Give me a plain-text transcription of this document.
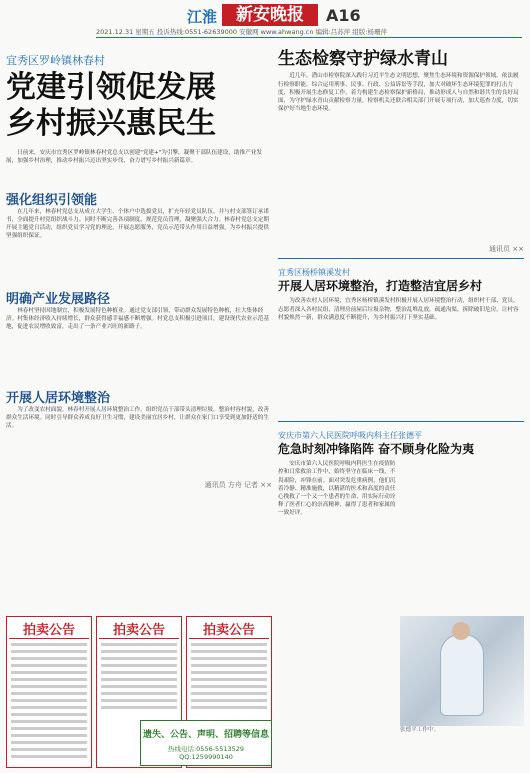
江淮	新安晚报	A16
2021.12.31 星期五 投诉热线:0551-62639000 安徽网 www.ahwang.cn 编辑:吕苏萍 组版:杨珊萍
宜秀区罗岭镇林春村
党建引领促发展
乡村振兴惠民生
日前来，安庆市宜秀区罗岭镇林春村党总支以创建"党建+"为引擎，凝聚干部队伍建设，助推产业发展，加强乡村治理，推动乡村振兴迈出坚实步伐，奋力谱写乡村振兴新篇章。
强化组织引领能
在几年来，林春村党总支从成立大学生、个体户中选拔党员，扩充年轻党员队伍，并与村支部签订承诺书，全面提升村党组织战斗力。同时不断完善各项制度，规范党员管理，凝聚强大合力。林春村党总支定期开展主题党日活动，组织党员学习党的理论，开展志愿服务，党员示范带头作用日益增强，为乡村振兴提供坚强组织保证。
明确产业发展路径
林春村坚持因地制宜，积极发展特色种植业。通过党支部引领，带动群众发展特色种植，壮大集体经济。村集体经济收入持续增长，群众获得感幸福感不断增强。村党总支积极引进项目，建设现代农业示范基地，促进农民增收致富，走出了一条产业兴旺的新路子。
开展人居环境整治
为了改变农村面貌，林春村开展人居环境整治工作，组织党员干部带头清理垃圾，整治村容村貌，改善群众生活环境。同时引导群众养成良好卫生习惯，建设美丽宜居乡村，让群众在家门口享受到更加舒适的生活。
通讯员 方舟 记者 ××
生态检察守护绿水青山
近几年，潜山市检察院深入践行习近平生态文明思想，聚焦生态环境和资源保护领域，依法履行检察职能，综合运用刑事、民事、行政、公益诉讼等手段，加大对破坏生态环境犯罪的打击力度，积极开展生态修复工作，着力构建生态检察保护新格局，推动形成人与自然和谐共生的良好局面，为守护绿水青山贡献检察力量。检察机关还联合相关部门开展专项行动，加大巡查力度，切实保护好当地生态环境。
通讯员 ××
宜秀区杨桥镇溪发村
开展人居环境整治，打造整洁宜居乡村
为改善农村人居环境，宜秀区杨桥镇溪发村积极开展人居环境整治行动，组织村干部、党员、志愿者深入各村民组，清理房前屋后垃圾杂物，整治乱堆乱放，疏通沟渠，拆除破旧危房，让村容村貌焕然一新，群众满意度不断提升，为乡村振兴打下坚实基础。
安庆市第六人民医院呼吸内科主任张德平
危急时刻冲锋陷阵 奋不顾身化险为夷
安庆市第六人民医院呼吸内科医生在疫情防控和日常救治工作中，始终坚守在临床一线，不畏艰险，冲锋在前。面对突发危重病例，他们沉着冷静、精准施救，以精湛的医术和高度的责任心挽救了一个又一个患者的生命，用实际行动诠释了医者仁心的崇高精神，赢得了患者和家属的一致好评。
张德平工作中。
拍卖公告	拍卖公告	拍卖公告
遗失、公告、声明、招聘等信息
热线电话:0556-5513529 QQ:1259990140
